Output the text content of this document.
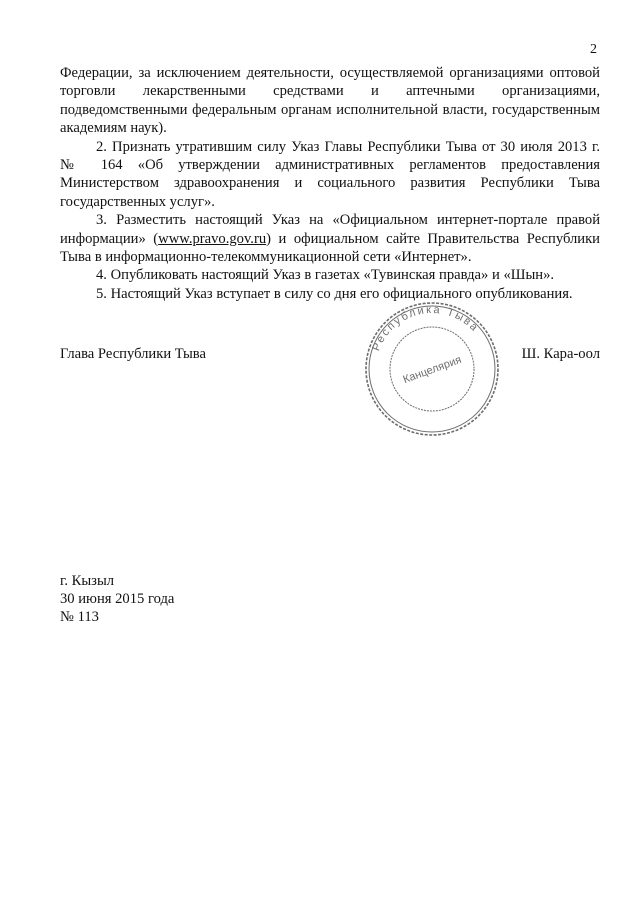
2

Федерации, за исключением деятельности, осуществляемой организациями оптовой торговли лекарственными средствами и аптечными организациями, подведомственными федеральным органам исполнительной власти, государственным академиям наук).

2. Признать утратившим силу Указ Главы Республики Тыва от 30 июля 2013 г. № 164 «Об утверждении административных регламентов предоставления Министерством здравоохранения и социального развития Республики Тыва государственных услуг».

3. Разместить настоящий Указ на «Официальном интернет-портале правой информации» (www.pravo.gov.ru) и официальном сайте Правительства Республики Тыва в информационно-телекоммуникационной сети «Интернет».

4. Опубликовать настоящий Указ в газетах «Тувинская правда» и «Шын».

5. Настоящий Указ вступает в силу со дня его официального опубликования.

Республика Тыва
Канцелярия
Глава Республики Тыва	Ш. Кара-оол
г. Кызыл
30 июня 2015 года
№ 113
